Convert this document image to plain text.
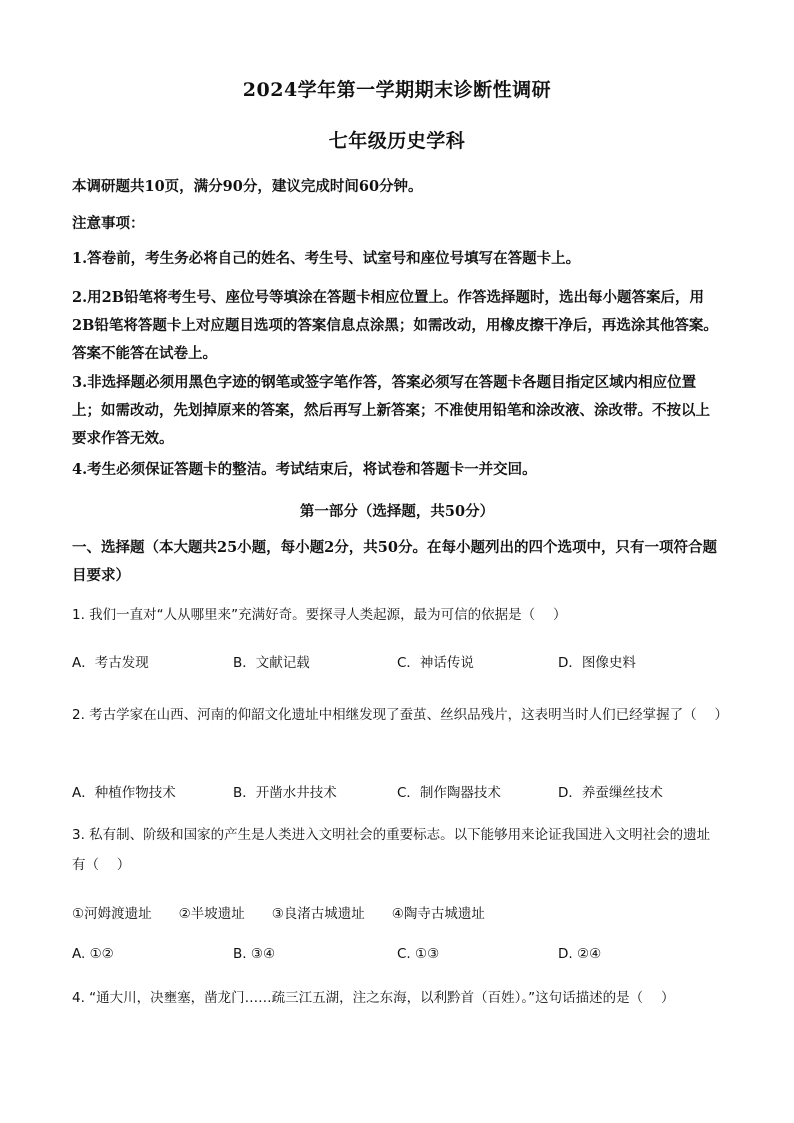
2024学年第一学期期末诊断性调研
七年级历史学科
本调研题共10页，满分90分，建议完成时间60分钟。
注意事项：
1.答卷前，考生务必将自己的姓名、考生号、试室号和座位号填写在答题卡上。
2.用2B铅笔将考生号、座位号等填涂在答题卡相应位置上。作答选择题时，选出每小题答案后，用2B铅笔将答题卡上对应题目选项的答案信息点涂黑；如需改动，用橡皮擦干净后，再选涂其他答案。答案不能答在试卷上。
3.非选择题必须用黑色字迹的钢笔或签字笔作答，答案必须写在答题卡各题目指定区域内相应位置上；如需改动，先划掉原来的答案，然后再写上新答案；不准使用铅笔和涂改液、涂改带。不按以上要求作答无效。
4.考生必须保证答题卡的整洁。考试结束后，将试卷和答题卡一并交回。
第一部分（选择题，共50分）
一、选择题（本大题共25小题，每小题2分，共50分。在每小题列出的四个选项中，只有一项符合题目要求）
1. 我们一直对“人从哪里来”充满好奇。要探寻人类起源，最为可信的依据是（　 ）
A．考古发现	B．文献记载	C．神话传说	D．图像史料
2. 考古学家在山西、河南的仰韶文化遗址中相继发现了蚕茧、丝织品残片，这表明当时人们已经掌握了（　 ）
A．种植作物技术	B．开凿水井技术	C．制作陶器技术	D．养蚕缫丝技术
3. 私有制、阶级和国家的产生是人类进入文明社会的重要标志。以下能够用来论证我国进入文明社会的遗址有（　 ）
①河姆渡遗址　　②半坡遗址　　③良渚古城遗址　　④陶寺古城遗址
A. ①②	B. ③④	C. ①③	D. ②④
4. “通大川，决壅塞，凿龙门……疏三江五湖，注之东海，以利黔首（百姓）。”这句话描述的是（　 ）
